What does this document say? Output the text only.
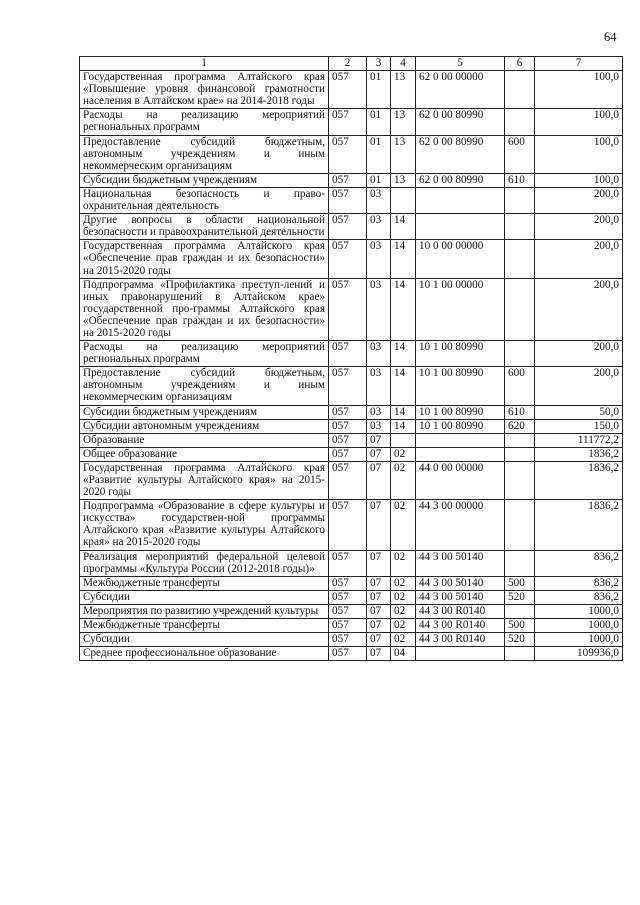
64
1	2	3	4	5	6	7
Государственная программа Алтайского края «Повышение уровня финансовой грамотности населения в Алтайском крае» на 2014-2018 годы	057	01	13	62 0 00 00000		100,0
Расходы на реализацию мероприятий региональных программ	057	01	13	62 0 00 80990		100,0
Предоставление субсидий бюджетным, автономным учреждениям и иным некоммерческим организациям	057	01	13	62 0 00 80990	600	100,0
Субсидии бюджетным учреждениям	057	01	13	62 0 00 80990	610	100,0
Национальная безопасность и право-охранительная деятельность	057	03				200,0
Другие вопросы в области национальной безопасности и правоохранительной деятельности	057	03	14			200,0
Государственная программа Алтайского края «Обеспечение прав граждан и их безопасности» на 2015-2020 годы	057	03	14	10 0 00 00000		200,0
Подпрограмма «Профилактика преступ-лений и иных правонарушений в Алтайском крае» государственной про-граммы Алтайского края «Обеспечение прав граждан и их безопасности» на 2015-2020 годы	057	03	14	10 1 00 00000		200,0
Расходы на реализацию мероприятий региональных программ	057	03	14	10 1 00 80990		200,0
Предоставление субсидий бюджетным, автономным учреждениям и иным некоммерческим организациям	057	03	14	10 1 00 80990	600	200,0
Субсидии бюджетным учреждениям	057	03	14	10 1 00 80990	610	50,0
Субсидии автономным учреждениям	057	03	14	10 1 00 80990	620	150,0
Образование	057	07				111772,2
Общее образование	057	07	02			1836,2
Государственная программа Алтайского края «Развитие культуры Алтайского края» на 2015-2020 годы	057	07	02	44 0 00 00000		1836,2
Подпрограмма «Образование в сфере культуры и искусства» государствен-ной программы Алтайского края «Развитие культуры Алтайского края» на 2015-2020 годы	057	07	02	44 3 00 00000		1836,2
Реализация мероприятий федеральной целевой программы «Культура России (2012-2018 годы)»	057	07	02	44 3 00 50140		836,2
Межбюджетные трансферты	057	07	02	44 3 00 50140	500	836,2
Субсидии	057	07	02	44 3 00 50140	520	836,2
Мероприятия по развитию учреждений культуры	057	07	02	44 3 00 R0140		1000,0
Межбюджетные трансферты	057	07	02	44 3 00 R0140	500	1000,0
Субсидии	057	07	02	44 3 00 R0140	520	1000,0
Среднее профессиональное образование	057	07	04			109936,0
